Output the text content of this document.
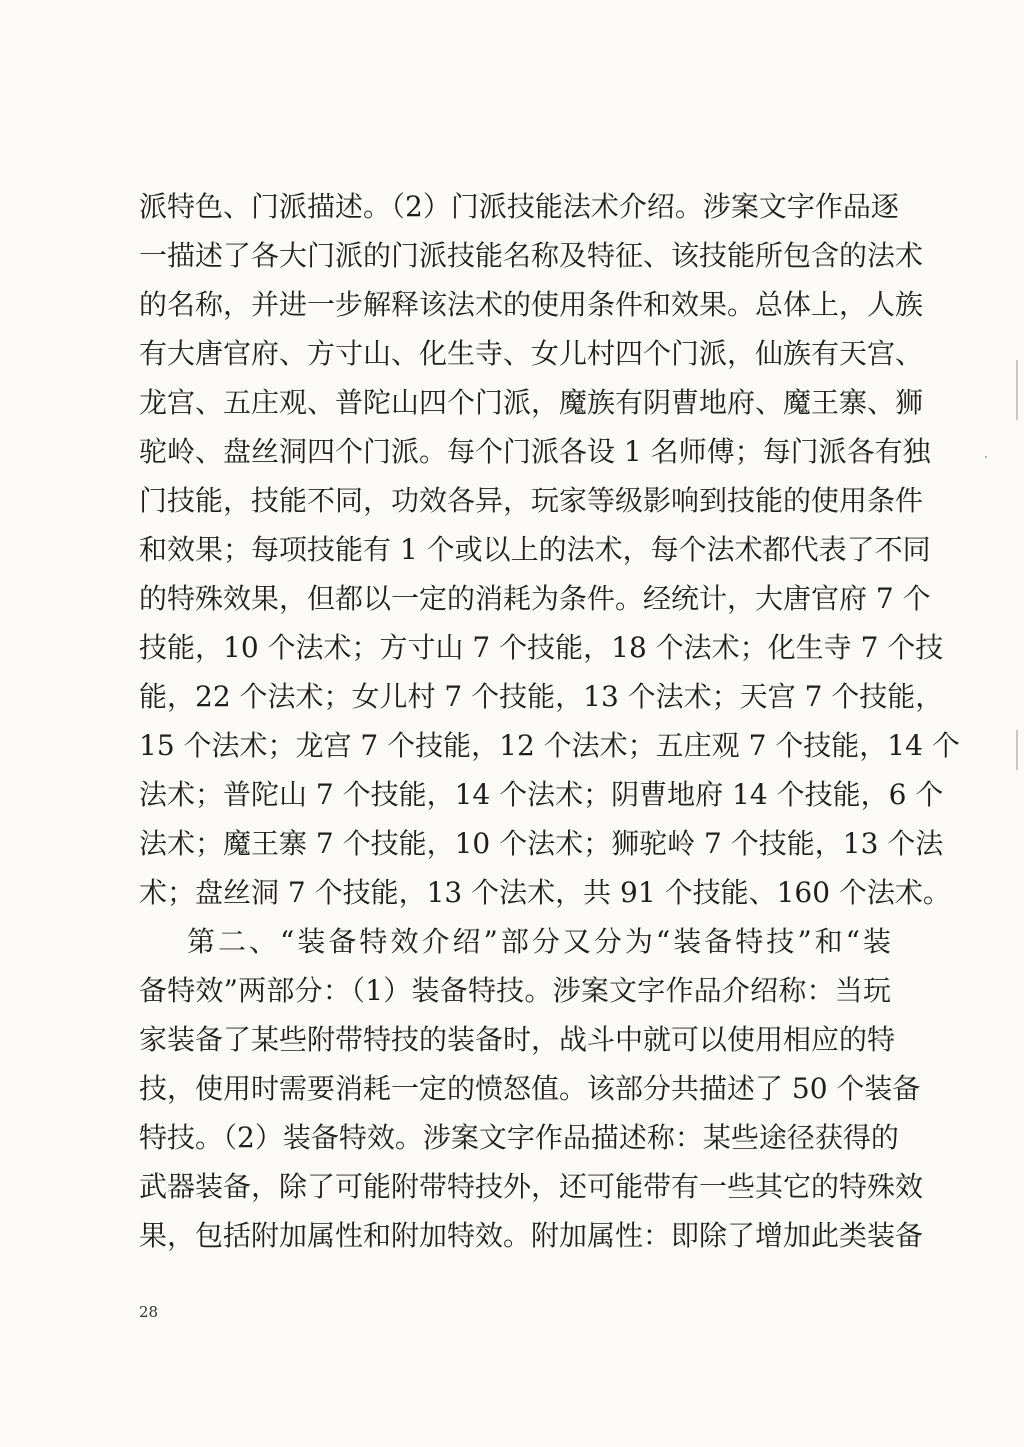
派特色、门派描述。（2）门派技能法术介绍。涉案文字作品逐
一描述了各大门派的门派技能名称及特征、该技能所包含的法术
的名称，并进一步解释该法术的使用条件和效果。总体上，人族
有大唐官府、方寸山、化生寺、女儿村四个门派，仙族有天宫、
龙宫、五庄观、普陀山四个门派，魔族有阴曹地府、魔王寨、狮
驼岭、盘丝洞四个门派。每个门派各设 1 名师傅；每门派各有独
门技能，技能不同，功效各异，玩家等级影响到技能的使用条件
和效果；每项技能有 1 个或以上的法术，每个法术都代表了不同
的特殊效果，但都以一定的消耗为条件。经统计，大唐官府 7 个
技能，10 个法术；方寸山 7 个技能，18 个法术；化生寺 7 个技
能，22 个法术；女儿村 7 个技能，13 个法术；天宫 7 个技能，
15 个法术；龙宫 7 个技能，12 个法术；五庄观 7 个技能，14 个
法术；普陀山 7 个技能，14 个法术；阴曹地府 14 个技能，6 个
法术；魔王寨 7 个技能，10 个法术；狮驼岭 7 个技能，13 个法
术；盘丝洞 7 个技能，13 个法术，共 91 个技能、160 个法术。
第二、“装备特效介绍”部分又分为“装备特技”和“装
备特效”两部分：（1）装备特技。涉案文字作品介绍称：当玩
家装备了某些附带特技的装备时，战斗中就可以使用相应的特
技，使用时需要消耗一定的愤怒值。该部分共描述了 50 个装备
特技。（2）装备特效。涉案文字作品描述称：某些途径获得的
武器装备，除了可能附带特技外，还可能带有一些其它的特殊效
果，包括附加属性和附加特效。附加属性：即除了增加此类装备
28
